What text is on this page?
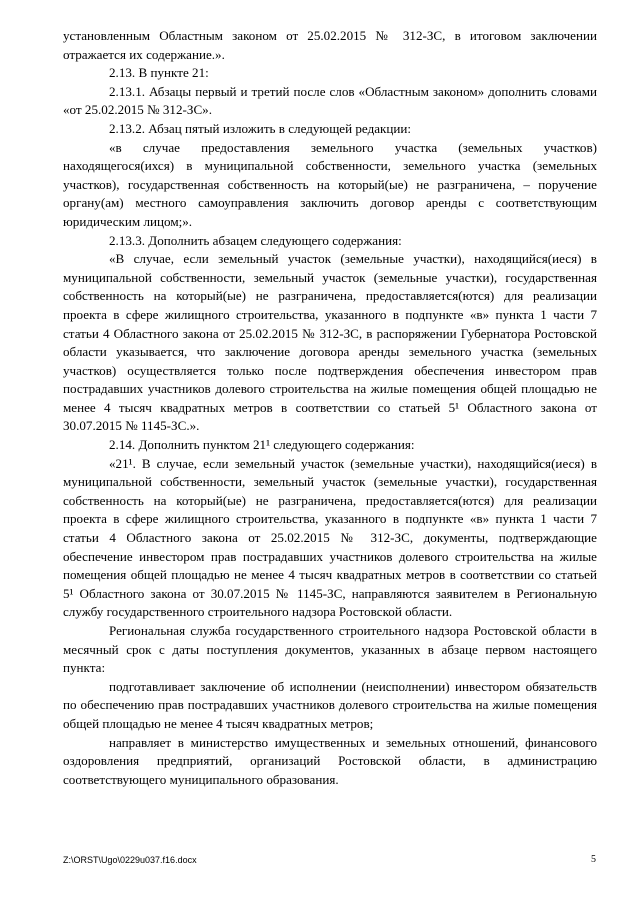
установленным Областным законом от 25.02.2015 № 312-ЗС, в итоговом заключении отражается их содержание.».

2.13. В пункте 21:

2.13.1. Абзацы первый и третий после слов «Областным законом» дополнить словами «от 25.02.2015 № 312-ЗС».

2.13.2. Абзац пятый изложить в следующей редакции:

«в случае предоставления земельного участка (земельных участков) находящегося(ихся) в муниципальной собственности, земельного участка (земельных участков), государственная собственность на который(ые) не разграничена, – поручение органу(ам) местного самоуправления заключить договор аренды с соответствующим юридическим лицом;».

2.13.3. Дополнить абзацем следующего содержания:

«В случае, если земельный участок (земельные участки), находящийся(иеся) в муниципальной собственности, земельный участок (земельные участки), государственная собственность на который(ые) не разграничена, предоставляется(ются) для реализации проекта в сфере жилищного строительства, указанного в подпункте «в» пункта 1 части 7 статьи 4 Областного закона от 25.02.2015 № 312-ЗС, в распоряжении Губернатора Ростовской области указывается, что заключение договора аренды земельного участка (земельных участков) осуществляется только после подтверждения обеспечения инвестором прав пострадавших участников долевого строительства на жилые помещения общей площадью не менее 4 тысяч квадратных метров в соответствии со статьей 5¹ Областного закона от 30.07.2015 № 1145-ЗС.».

2.14. Дополнить пунктом 21¹ следующего содержания:

«21¹. В случае, если земельный участок (земельные участки), находящийся(иеся) в муниципальной собственности, земельный участок (земельные участки), государственная собственность на который(ые) не разграничена, предоставляется(ются) для реализации проекта в сфере жилищного строительства, указанного в подпункте «в» пункта 1 части 7 статьи 4 Областного закона от 25.02.2015 № 312-ЗС, документы, подтверждающие обеспечение инвестором прав пострадавших участников долевого строительства на жилые помещения общей площадью не менее 4 тысяч квадратных метров в соответствии со статьей 5¹ Областного закона от 30.07.2015 № 1145-ЗС, направляются заявителем в Региональную службу государственного строительного надзора Ростовской области.

Региональная служба государственного строительного надзора Ростовской области в месячный срок с даты поступления документов, указанных в абзаце первом настоящего пункта:

подготавливает заключение об исполнении (неисполнении) инвестором обязательств по обеспечению прав пострадавших участников долевого строительства на жилые помещения общей площадью не менее 4 тысяч квадратных метров;

направляет в министерство имущественных и земельных отношений, финансового оздоровления предприятий, организаций Ростовской области, в администрацию соответствующего муниципального образования.

Z:\ORST\Ugo\0229u037.f16.docx	5
